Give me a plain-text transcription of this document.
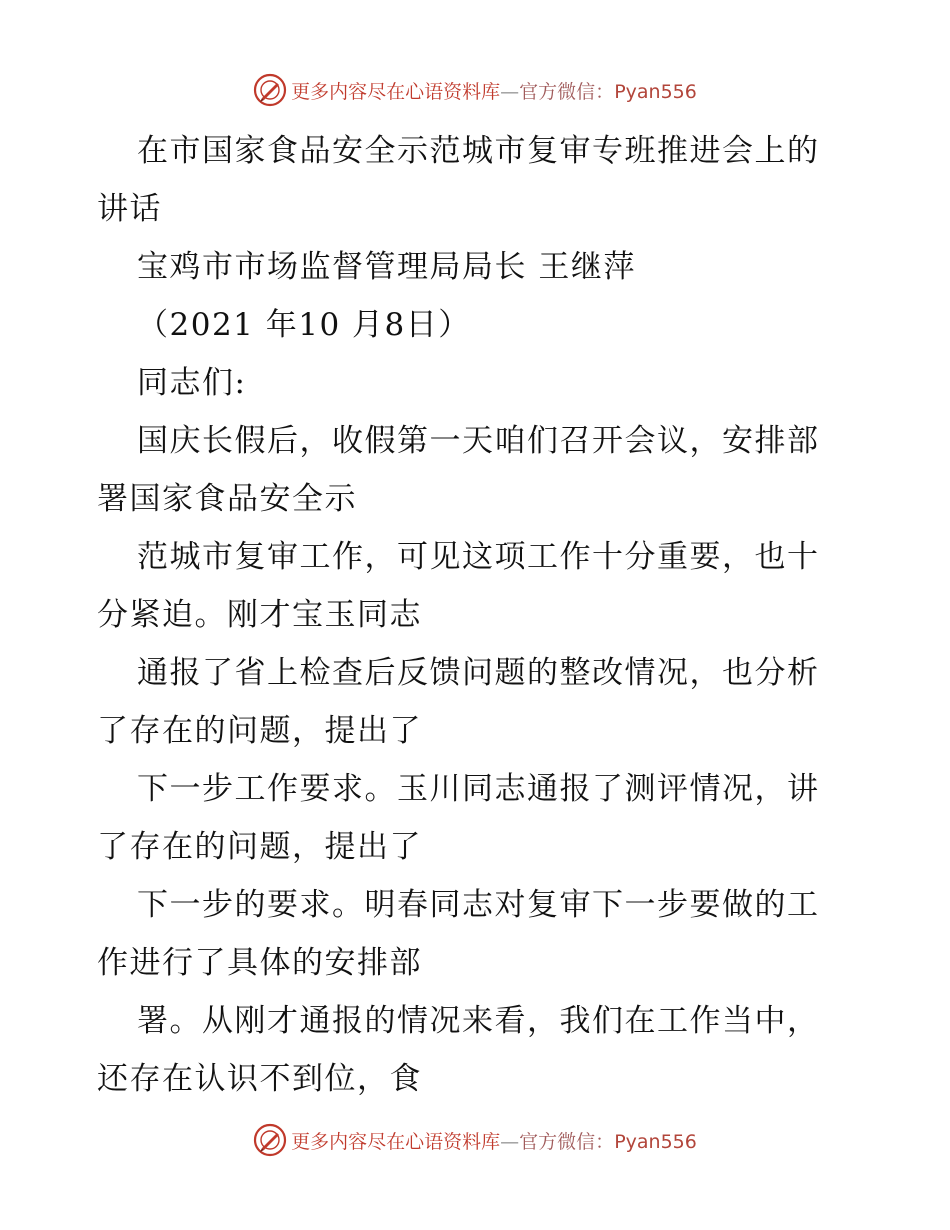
更多内容尽在心语资料库—官方微信：Pyan556
在市国家食品安全示范城市复审专班推进会上的
讲话
宝鸡市市场监督管理局局长 王继萍
（2021 年10 月8日）
同志们:
国庆长假后，收假第一天咱们召开会议，安排部
署国家食品安全示
范城市复审工作，可见这项工作十分重要，也十
分紧迫。刚才宝玉同志
通报了省上检查后反馈问题的整改情况，也分析
了存在的问题，提出了
下一步工作要求。玉川同志通报了测评情况，讲
了存在的问题，提出了
下一步的要求。明春同志对复审下一步要做的工
作进行了具体的安排部
署。从刚才通报的情况来看，我们在工作当中，
还存在认识不到位，食
更多内容尽在心语资料库—官方微信：Pyan556
